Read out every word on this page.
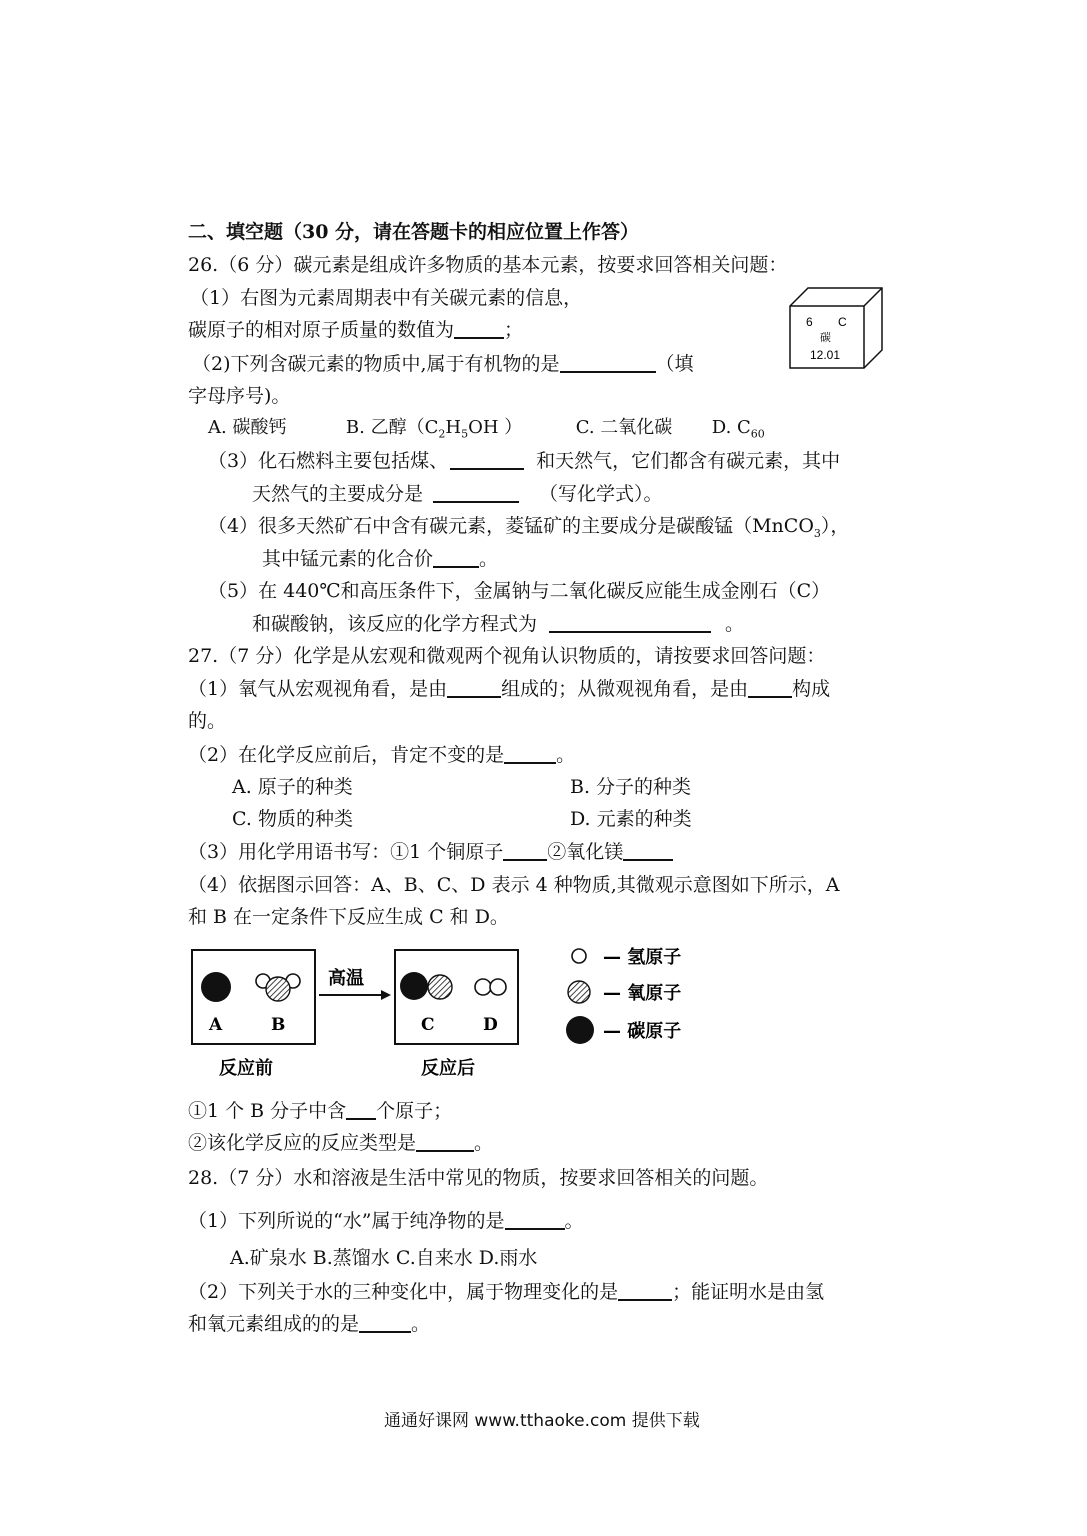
二、填空题（30 分，请在答题卡的相应位置上作答）
26.（6 分）碳元素是组成许多物质的基本元素，按要求回答相关问题：
（1）右图为元素周期表中有关碳元素的信息，
碳原子的相对原子质量的数值为	；	6 C
碳
12.01
（2)下列含碳元素的物质中,属于有机物的是	（填
字母序号)。
A. 碳酸钙	B. 乙醇（$C_2H_5OH$ ）	C. 二氧化碳 D. $C_{60}$
（3）化石燃料主要包括煤、	和天然气，它们都含有碳元素，其中
天然气的主要成分是	（写化学式）。
（4）很多天然矿石中含有碳元素，菱锰矿的主要成分是碳酸锰（MnCO$_3$），
其中锰元素的化合价 。
（5）在 440℃和高压条件下，金属钠与二氧化碳反应能生成金刚石（C）
和碳酸钠，该反应的化学方程式为	。
27.（7 分）化学是从宏观和微观两个视角认识物质的，请按要求回答问题：
（1）氧气从宏观视角看，是由	组成的；从微观视角看，是由 构成
的。
（2）在化学反应前后，肯定不变的是	。
A. 原子的种类	B. 分子的种类
C. 物质的种类	D. 元素的种类
（3）用化学用语书写：①1 个铜原子 ②氧化镁
（4）依据图示回答：A、B、C、D 表示 4 种物质,其微观示意图如下所示，A
和 B 在一定条件下反应生成 C 和 D。
A	B
高温
C	D
反应前	反应后
— 氢原子
— 氧原子
— 碳原子
①1 个 B 分子中含 个原子；
②该化学反应的反应类型是	。
28.（7 分）水和溶液是生活中常见的物质，按要求回答相关的问题。
（1）下列所说的“水”属于纯净物的是	。
A.矿泉水 B.蒸馏水 C.自来水 D.雨水
（2）下列关于水的三种变化中，属于物理变化的是	；能证明水是由氢
和氧元素组成的的是	。
通通好课网 www.tthaoke.com 提供下载
